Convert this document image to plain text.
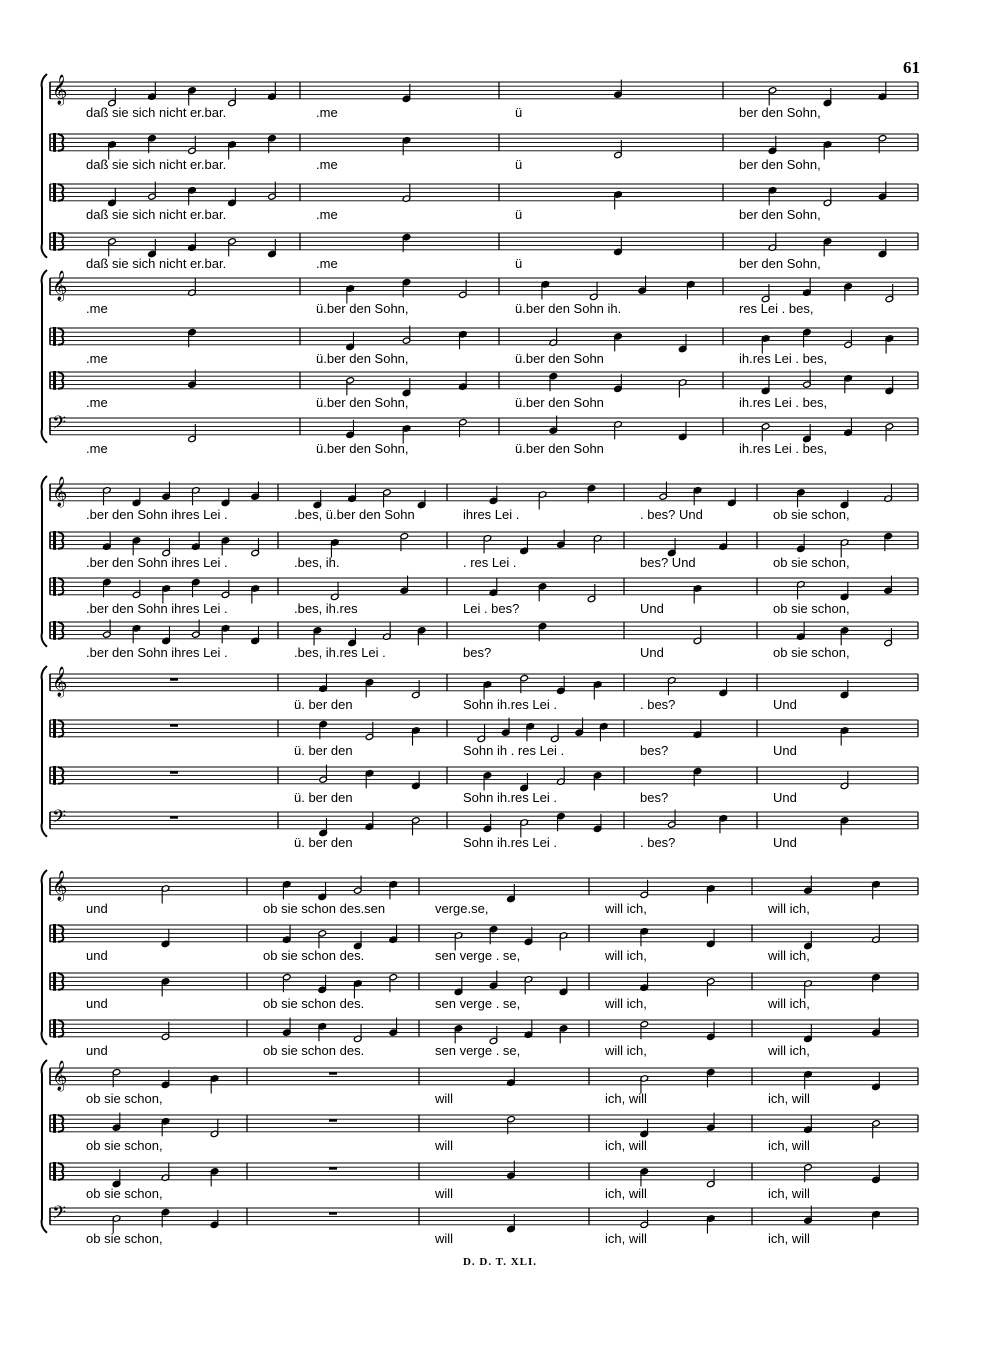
61
𝄞
daß sie sich nicht er.bar.	.me	ü	ber den Sohn,
daß sie sich nicht er.bar.	.me	ü	ber den Sohn,
daß sie sich nicht er.bar.	.me	ü	ber den Sohn,
daß sie sich nicht er.bar.	.me	ü	ber den Sohn,
𝄞
.me	ü.ber den Sohn,	ü.ber den Sohn ih.	res Lei . bes,
.me	ü.ber den Sohn,	ü.ber den Sohn	ih.res Lei . bes,
.me	ü.ber den Sohn,	ü.ber den Sohn	ih.res Lei . bes,
𝄢
.me	ü.ber den Sohn,	ü.ber den Sohn	ih.res Lei . bes,
𝄞
.ber den Sohn ihres Lei .	.bes, ü.ber den Sohn	ihres Lei .	. bes? Und	ob sie schon,
.ber den Sohn ihres Lei .	.bes, ih.	. res Lei .	bes? Und	ob sie schon,
.ber den Sohn ihres Lei .	.bes, ih.res	Lei . bes?	Und	ob sie schon,
.ber den Sohn ihres Lei .	.bes, ih.res Lei .	bes?	Und	ob sie schon,
𝄞
ü. ber den	Sohn ih.res Lei .	. bes?	Und
ü. ber den	Sohn ih . res Lei .	bes?	Und
ü. ber den	Sohn ih.res Lei .	bes?	Und
𝄢
ü. ber den	Sohn ih.res Lei .	. bes?	Und
𝄞
und	ob sie schon des.sen	verge.se,	will ich,	will ich,
und	ob sie schon des.	sen verge . se,	will ich,	will ich,
und	ob sie schon des.	sen verge . se,	will ich,	will ich,
und	ob sie schon des.	sen verge . se,	will ich,	will ich,
𝄞
ob sie schon,	will	ich, will	ich, will
ob sie schon,	will	ich, will	ich, will
ob sie schon,	will	ich, will	ich, will
𝄢
ob sie schon,	will	ich, will	ich, will
D. D. T. XLI.
